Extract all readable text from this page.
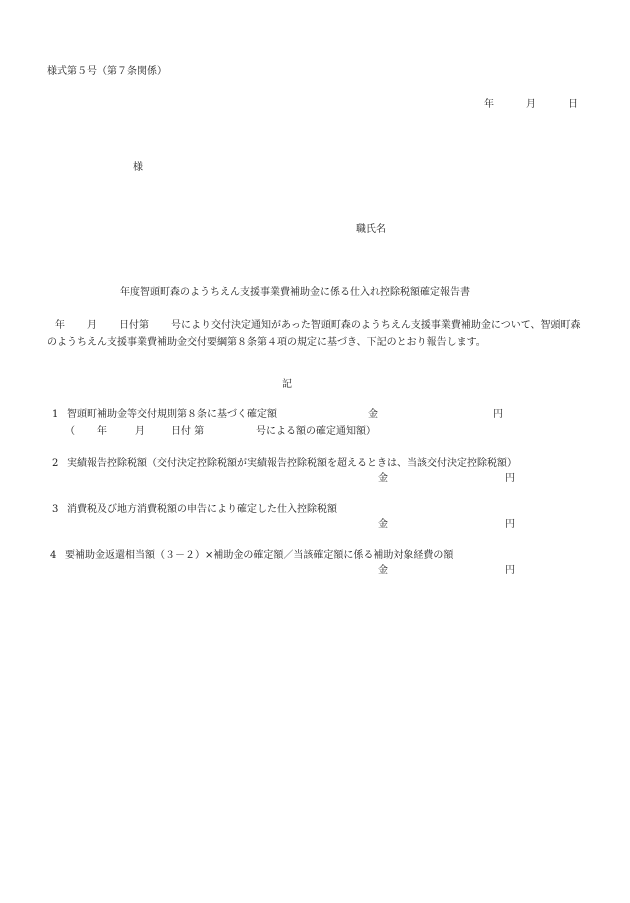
様式第５号（第７条関係）
年	月	日
様
職氏名
年度智頭町森のようちえん支援事業費補助金に係る仕入れ控除税額確定報告書
年 月 日付第 号により交付決定通知があった智頭町森のようちえん支援事業費補助金について、智頭町森のようちえん支援事業費補助金交付要綱第８条第４項の規定に基づき、下記のとおり報告します。
記
1 智頭町補助金等交付規則第８条に基づく確定額	金	円
（ 年	月	日付 第	号による額の確定通知額）
2 実績報告控除税額（交付決定控除税額が実績報告控除税額を超えるときは、当該交付決定控除税額）
金	円
3 消費税及び地方消費税額の申告により確定した仕入控除税額
金	円
4 要補助金返還相当額（３－２）×補助金の確定額／当該確定額に係る補助対象経費の額
金	円
